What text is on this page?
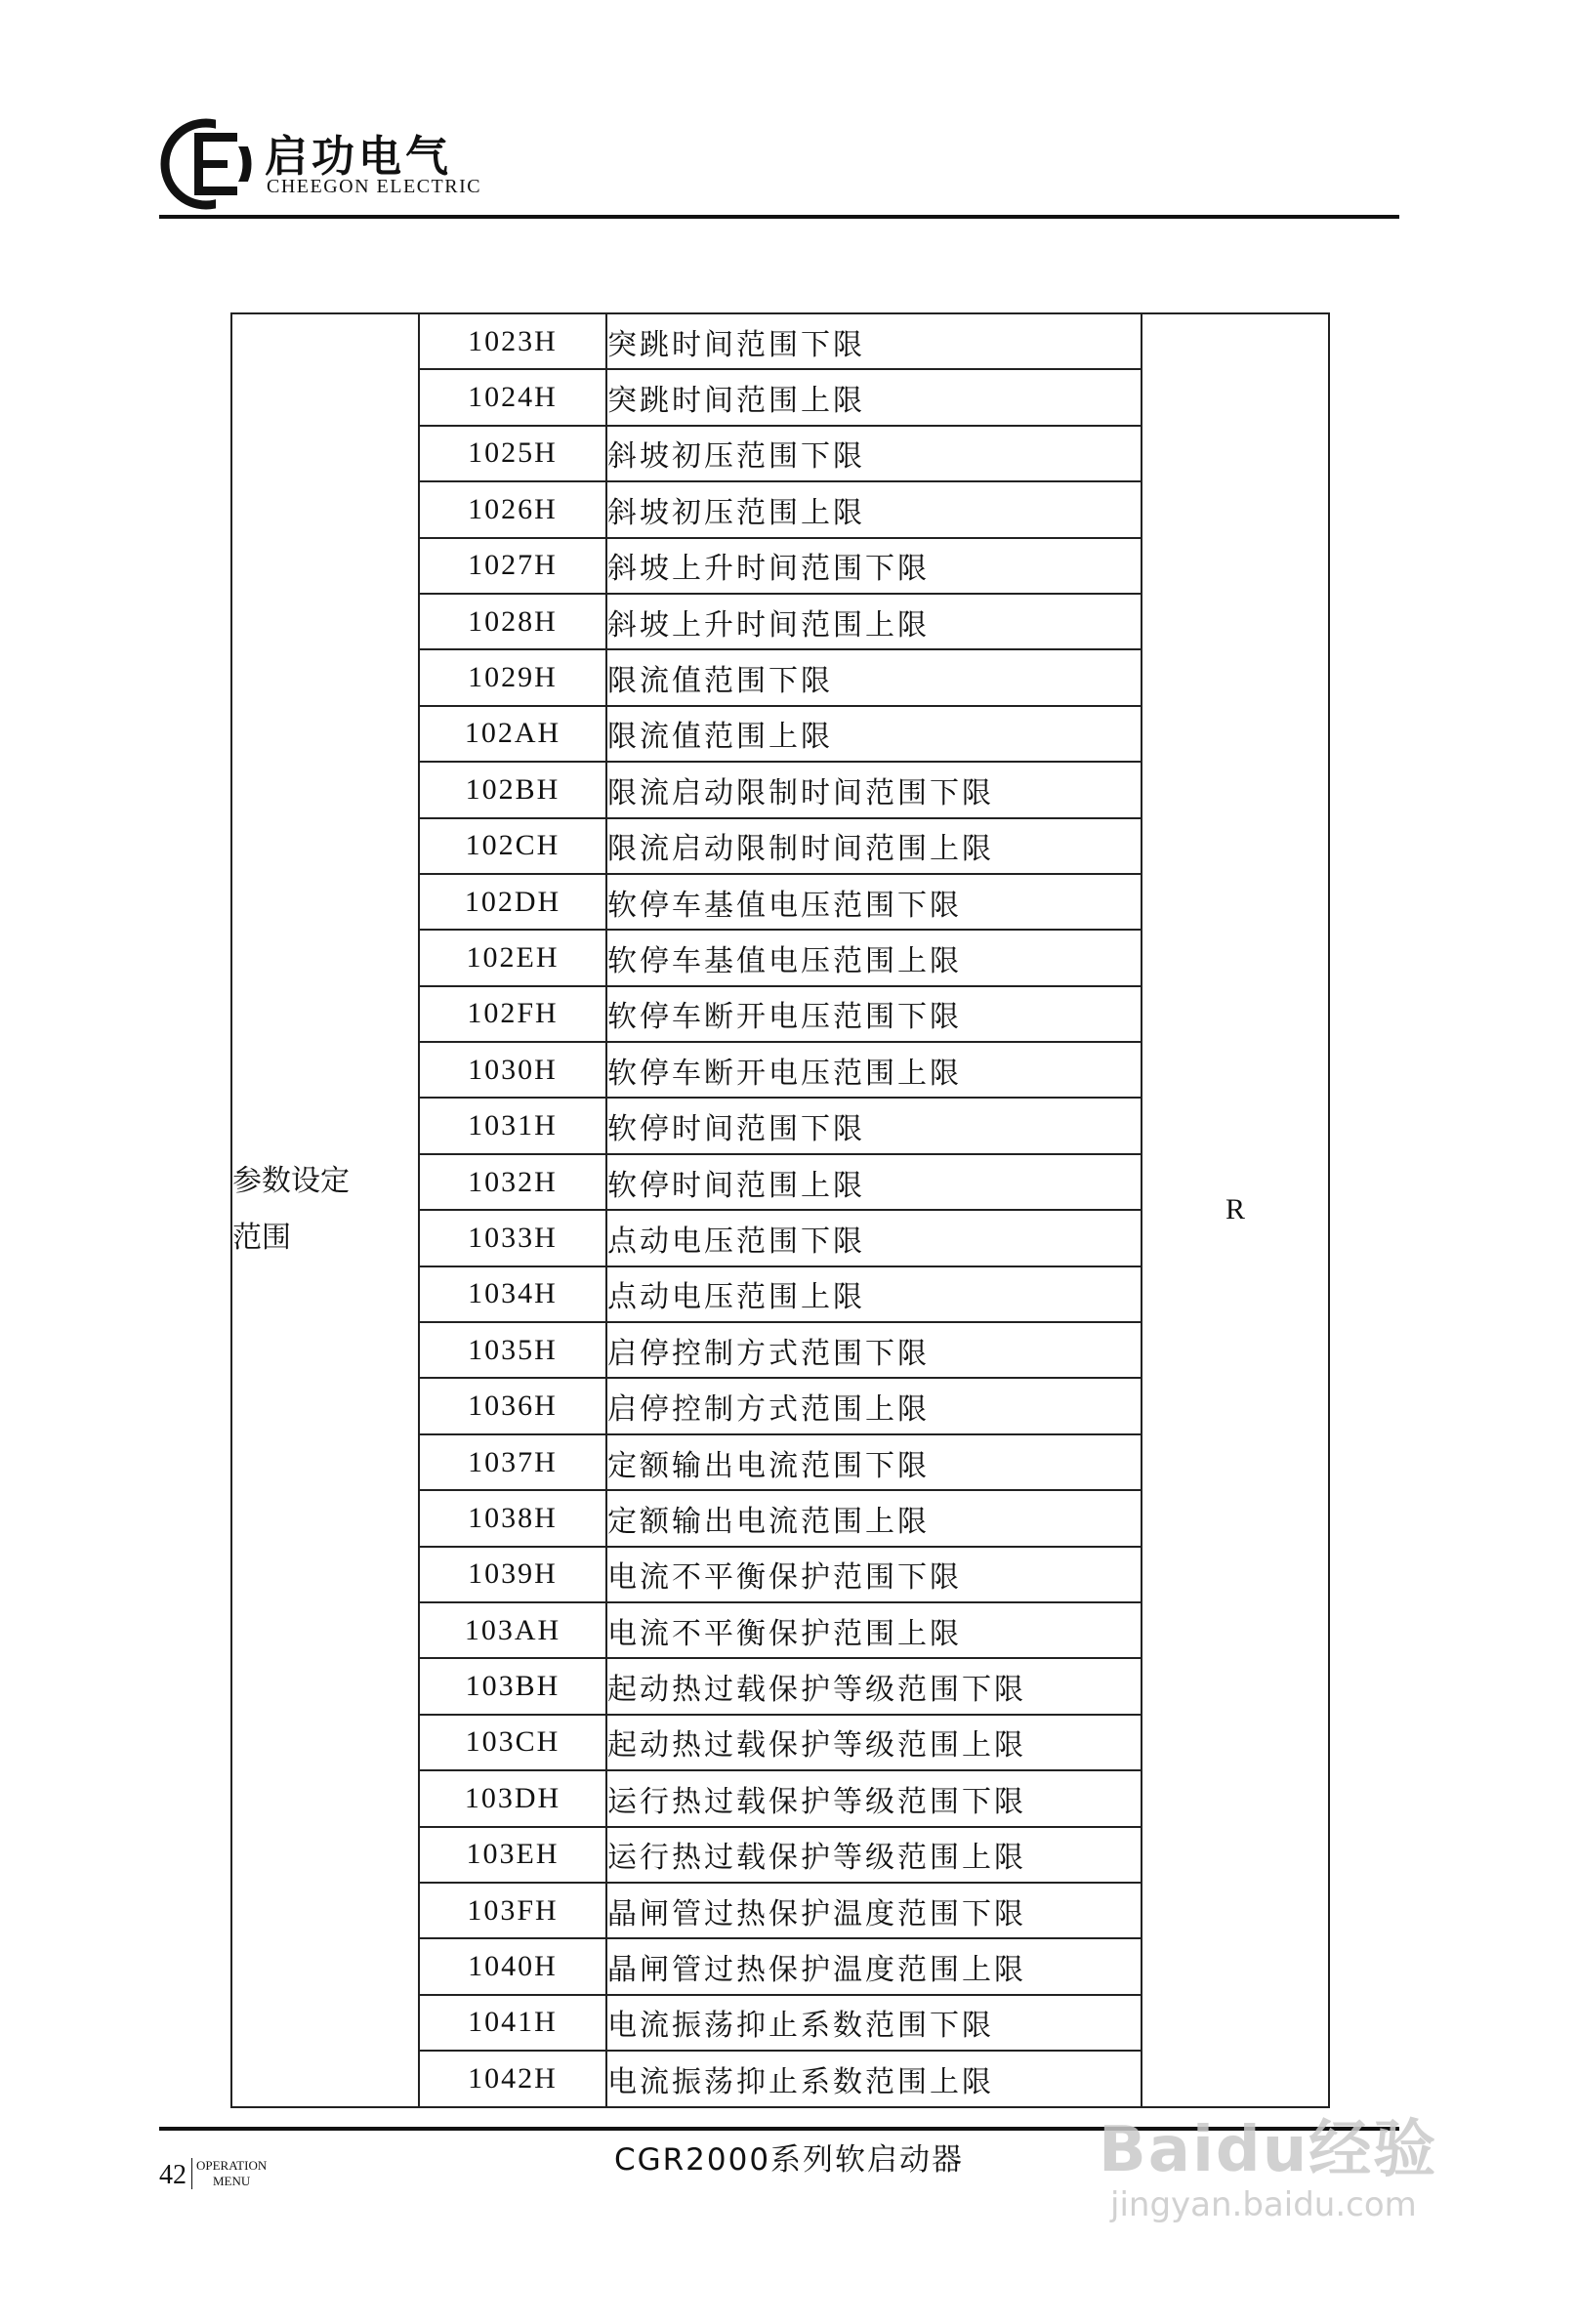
启功电气
CHEEGON ELECTRIC
参数设定
范围	1023H	突跳时间范围下限	R
	1024H	突跳时间范围上限	
	1025H	斜坡初压范围下限	
	1026H	斜坡初压范围上限	
	1027H	斜坡上升时间范围下限	
	1028H	斜坡上升时间范围上限	
	1029H	限流值范围下限	
	102AH	限流值范围上限	
	102BH	限流启动限制时间范围下限	
	102CH	限流启动限制时间范围上限	
	102DH	软停车基值电压范围下限	
	102EH	软停车基值电压范围上限	
	102FH	软停车断开电压范围下限	
	1030H	软停车断开电压范围上限	
	1031H	软停时间范围下限	
	1032H	软停时间范围上限	
	1033H	点动电压范围下限	
	1034H	点动电压范围上限	
	1035H	启停控制方式范围下限	
	1036H	启停控制方式范围上限	
	1037H	定额输出电流范围下限	
	1038H	定额输出电流范围上限	
	1039H	电流不平衡保护范围下限	
	103AH	电流不平衡保护范围上限	
	103BH	起动热过载保护等级范围下限	
	103CH	起动热过载保护等级范围上限	
	103DH	运行热过载保护等级范围下限	
	103EH	运行热过载保护等级范围上限	
	103FH	晶闸管过热保护温度范围下限	
	1040H	晶闸管过热保护温度范围上限	
	1041H	电流振荡抑止系数范围下限	
	1042H	电流振荡抑止系数范围上限	
42 OPERATION
MENU
CGR2000系列软启动器	Baidu经验
jingyan.baidu.com
